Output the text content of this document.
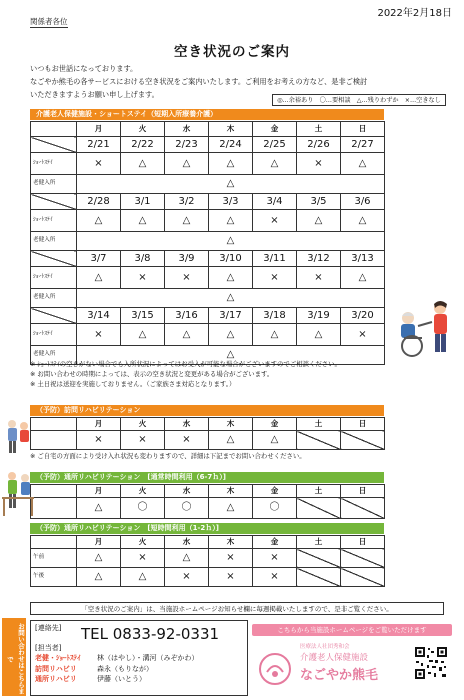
2022年2月18日
関係者各位
空き状況のご案内
いつもお世話になっております。
なごやか熊毛の各サービスにおける空き状況をご案内いたします。ご利用をお考えの方など、是非ご検討
いただきますようお願い申し上げます。
◎…余裕あり　〇…要相談　△…残りわずか　×…空きなし
介護老人保健施設・ショートステイ（短期入所療養介護）
	月	火	水	木	金	土	日
	2/21	2/22	2/23	2/24	2/25	2/26	2/27
ｼｮｰﾄｽﾃｲ	×	△	△	△	△	×	△
老健入所	△						
	2/28	3/1	3/2	3/3	3/4	3/5	3/6
ｼｮｰﾄｽﾃｲ	△	△	△	△	×	△	△
老健入所	△						
	3/7	3/8	3/9	3/10	3/11	3/12	3/13
ｼｮｰﾄｽﾃｲ	△	×	×	△	×	×	△
老健入所	△						
	3/14	3/15	3/16	3/17	3/18	3/19	3/20
ｼｮｰﾄｽﾃｲ	×	△	△	△	△	△	×
老健入所	△						
※ ｼｮｰﾄｽﾃｲの空きがない場合でも入所状況によってはお受入が可能な場合がございますのでご相談ください。
※ お問い合わせの時期によっては、表示の空き状況と変更がある場合がございます。
※ 土日祝は送迎を実施しておりません。（ご家族さま対応となります。）
（予防）訪問リハビリテーション
	月	火	水	木	金	土	日
	×	×	×	△	△		
※ ご自宅の方面により受け入れ状況も変わりますので、詳細は下記までお問い合わせください。
（予防）通所リハビリテーション　[通常時間利用（6-7ｈ）]
	月	火	水	木	金	土	日
	△	〇	〇	△	〇		
（予防）通所リハビリテーション　[短時間利用（1-2ｈ）]
	月	火	水	木	金	土	日
午前	△	×	△	×	×		
午後	△	△	×	×	×		
「空き状況のご案内」は、当施設ホームページお知らせ欄に毎週掲載いたしますので、是非ご覧ください。
お問い合わせはこちらまで
[連絡先] TEL 0833-92-0331
[担当者]
老健・ｼｮｰﾄｽﾃｲ 林（はやし）・溝河（みぞかわ）
訪問リハビリ	森永（もりなが）
通所リハビリ	伊藤（いとう）
こちらから当施設ホームページをご覧いただけます
医療法人社団秀和会
介護老人保健施設
なごやか熊毛
